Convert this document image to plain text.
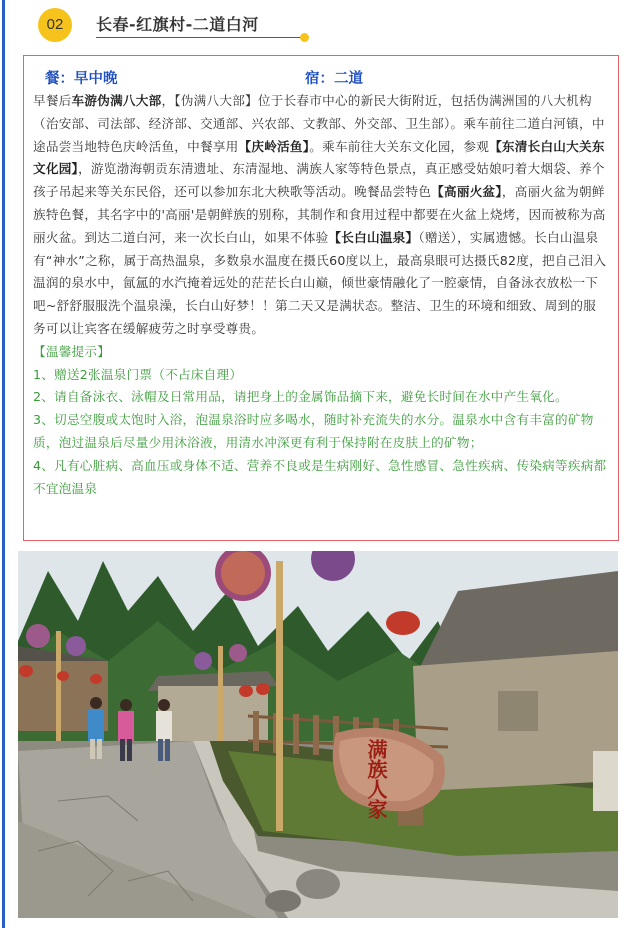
02	长春-红旗村-二道白河
餐：早中晚	宿：二道
早餐后车游伪满八大部，【伪满八大部】位于长春市中心的新民大街附近，包括伪满洲国的八大机构（治安部、司法部、经济部、交通部、兴农部、文教部、外交部、卫生部）。乘车前往二道白河镇，中途品尝当地特色庆岭活鱼，中餐享用【庆岭活鱼】。乘车前往大关东文化园，参观【东清长白山大关东文化园】，游览渤海朝贡东清遗址、东清湿地、满族人家等特色景点，真正感受姑娘叼着大烟袋、养个孩子吊起来等关东民俗，还可以参加东北大秧歌等活动。晚餐品尝特色【高丽火盆】，高丽火盆为朝鲜族特色餐，其名字中的'高丽'是朝鲜族的别称，其制作和食用过程中都要在火盆上烧烤，因而被称为高丽火盆。到达二道白河，来一次长白山，如果不体验【长白山温泉】（赠送），实属遗憾。长白山温泉有“神水”之称，属于高热温泉，多数泉水温度在摄氏60度以上，最高泉眼可达摄氏82度，把自己泪入温润的泉水中，氤氲的水汽掩着远处的茫茫长白山巅，倾世豪情融化了一腔豪情，自备泳衣放松一下吧~舒舒服服洗个温泉澡，长白山好梦！！第二天又是满状态。整洁、卫生的环境和细致、周到的服务可以让宾客在缓解疲劳之时享受尊贵。
【温馨提示】
1、赠送2张温泉门票（不占床自理）
2、请自备泳衣、泳帽及日常用品，请把身上的金属饰品摘下来，避免长时间在水中产生氧化。
3、切忌空腹或太饱时入浴，泡温泉浴时应多喝水，随时补充流失的水分。温泉水中含有丰富的矿物质，泡过温泉后尽量少用沐浴液，用清水冲深更有利于保持附在皮肤上的矿物；
4、凡有心脏病、高血压或身体不适、营养不良或是生病刚好、急性感冒、急性疾病、传染病等疾病都不宜泡温泉
满族人家
